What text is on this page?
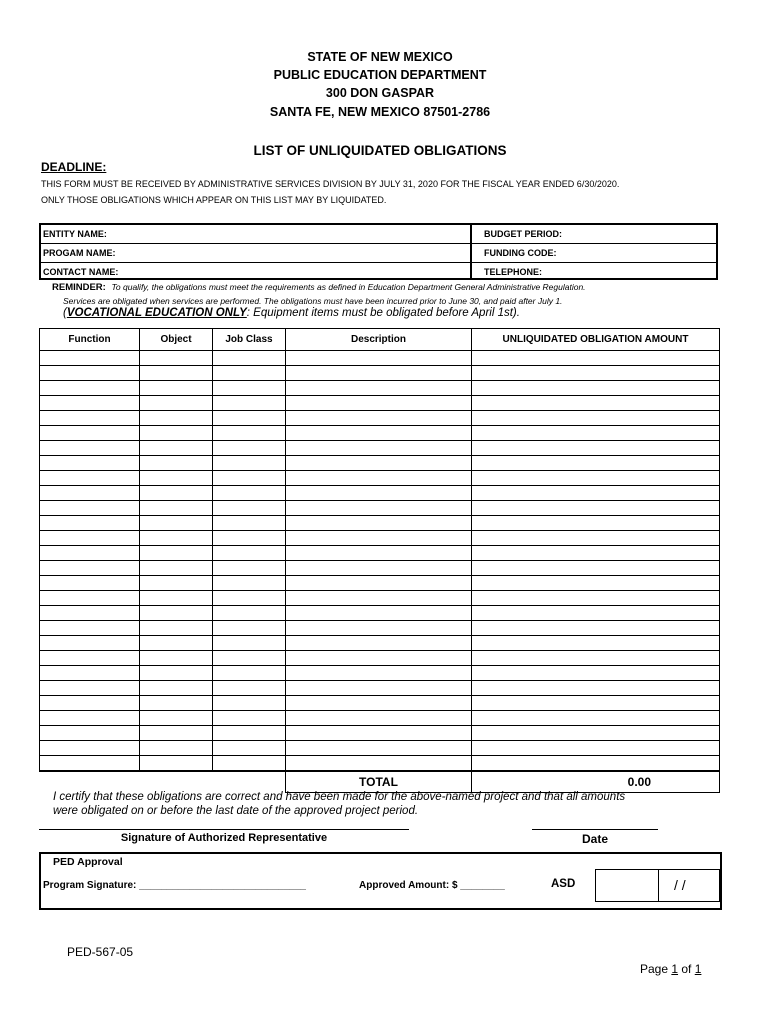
STATE OF NEW MEXICO
PUBLIC EDUCATION DEPARTMENT
300 DON GASPAR
SANTA FE, NEW MEXICO 87501-2786
LIST OF UNLIQUIDATED OBLIGATIONS
DEADLINE:
THIS FORM MUST BE RECEIVED BY ADMINISTRATIVE SERVICES DIVISION BY JULY 31, 2020 FOR THE FISCAL YEAR ENDED 6/30/2020.
ONLY THOSE OBLIGATIONS WHICH APPEAR ON THIS LIST MAY BY LIQUIDATED.
ENTITY NAME:	BUDGET PERIOD:
PROGAM NAME:	FUNDING CODE:
CONTACT NAME:	TELEPHONE:
REMINDER: To qualify, the obligations must meet the requirements as defined in Education Department General Administrative Regulation.
Services are obligated when services are performed. The obligations must have been incurred prior to June 30, and paid after July 1.
(VOCATIONAL EDUCATION ONLY: Equipment items must be obligated before April 1st).
Function	Object	Job Class	Description	UNLIQUIDATED OBLIGATION AMOUNT

			TOTAL	0.00
I certify that these obligations are correct and have been made for the above-named project and that all amounts
were obligated on or before the last date of the approved project period.
Signature of Authorized Representative	Date
PED Approval
Program Signature: ______________________________	Approved Amount: $ ________	ASD	/ /
PED-567-05
Page 1 of 1
